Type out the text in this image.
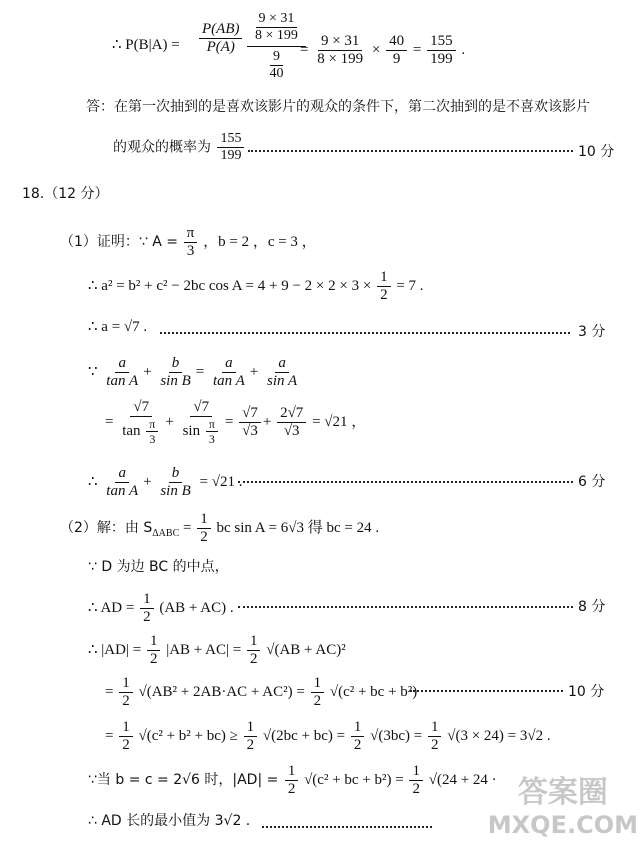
∴ $P(B|A) = \frac{P(AB)}{P(A)} \frac{\frac{9 \times 31}{8 \times 199}}{\frac{9}{40}}$
= $\frac{9 \times 31}{8 \times 199} \times \frac{40}{9} = \frac{155}{199}$ .
答：在第一次抽到的是喜欢该影片的观众的条件下，第二次抽到的是不喜欢该影片
的观众的概率为 $\frac{155}{199}$	10 分
18.（12 分）
（1）证明：∵ $A = \frac{\pi}{3}$ ，b = 2 ，c = 3 ，
∴ a² = b² + c² − 2bc $\cos A = 4 + 9 - 2 \times 2 \times 3 \times \frac{1}{2} = 7$ .
∴ a = √7 .	3 分
∵ $\frac{a}{\text{tan A}} + \frac{b}{\text{sin B}} = \frac{a}{\text{tan A}} + \frac{a}{\text{sin A}}$
= $\frac{√7}{\tan \frac{\pi}{3}} + \frac{√7}{\sin \frac{\pi}{3}} = \frac{√7}{√3} + \frac{2√7}{√3} = √21$ ，
∴ $\frac{a}{\text{tan A}} + \frac{b}{\text{sin B}} = √21$ .	6 分
（2）解：由 $S_{\Delta ABC} = \frac{1}{2}$ bc sin A = 6√3 得 bc = 24 .
∵ D 为边 BC 的中点，
∴ AD = $\frac{1}{2} (AB + AC)$ .	8 分
∴ $|AD| = \frac{1}{2} |AB + AC| = \frac{1}{2} √(AB + AC)^2$
= $\frac{1}{2} √(AB^2 + 2AB\cdot AC + AC^2) = \frac{1}{2} √(c^2$ + bc + b²)	10 分
= $\frac{1}{2} √(c^2 + b^2 + bc) \ge \frac{1}{2} √(2bc + bc) = \frac{1}{2} √(3bc) = \frac{1}{2} √(3 \times 24) = 3√2$ .
∵当 b = c = 2√6 时，$|AD| = \frac{1}{2} √(c^2$ + bc + $b^2) = \frac{1}{2} √(24 + 24$ ·
∴ AD 长的最小值为 3√2 .
答案圈
MXQE.COM
